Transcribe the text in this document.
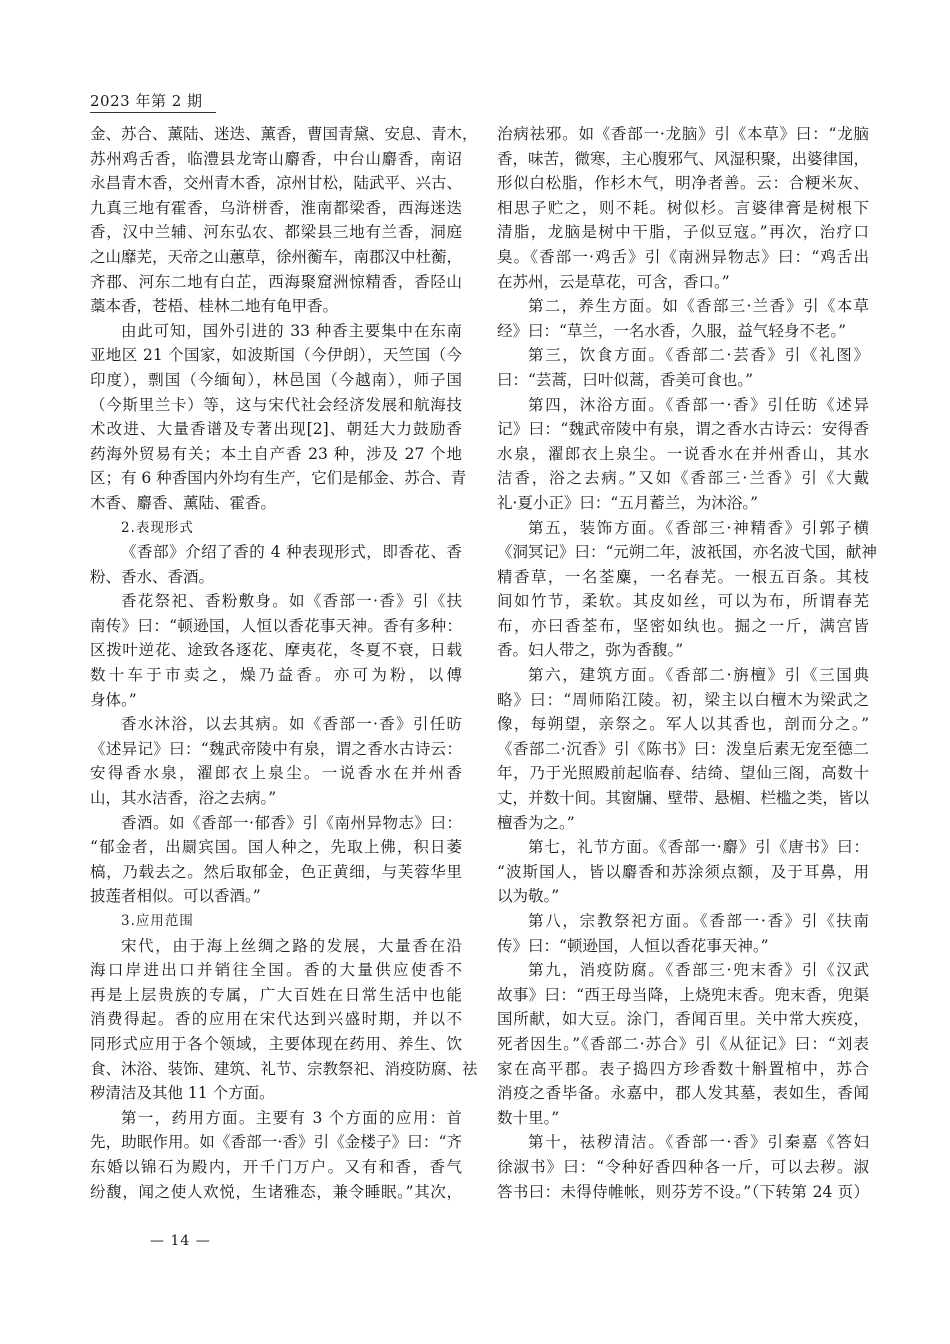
2023 年第 2 期
金、苏合、薰陆、迷迭、薰香，曹国青黛、安息、青木，
苏州鸡舌香，临澧县龙寄山麝香，中台山麝香，南诏
永昌青木香，交州青木香，凉州甘松，陆武平、兴古、
九真三地有霍香，乌浒栟香，淮南都梁香，西海迷迭
香，汉中兰辅、河东弘农、都梁县三地有兰香，洞庭
之山靡芜，天帝之山蕙草，徐州蘅车，南郡汉中杜蘅，
齐郡、河东二地有白芷，西海聚窟洲惊精香，香陉山
藁本香，苍梧、桂林二地有龟甲香。
由此可知，国外引进的 33 种香主要集中在东南
亚地区 21 个国家，如波斯国（今伊朗），天竺国（今
印度），剽国（今缅甸），林邑国（今越南），师子国
（今斯里兰卡）等，这与宋代社会经济发展和航海技
术改进、大量香谱及专著出现[2]、朝廷大力鼓励香
药海外贸易有关；本土自产香 23 种，涉及 27 个地
区；有 6 种香国内外均有生产，它们是郁金、苏合、青
木香、麝香、薰陆、霍香。
2.表现形式
《香部》介绍了香的 4 种表现形式，即香花、香
粉、香水、香酒。
香花祭祀、香粉敷身。如《香部一·香》引《扶
南传》曰：“顿逊国，人恒以香花事天神。香有多种：
区拨叶逆花、途致各逐花、摩夷花，冬夏不衰，日载
数十车于市卖之，燥乃益香。亦可为粉，以傅
身体。”
香水沐浴，以去其病。如《香部一·香》引任昉
《述异记》曰：“魏武帝陵中有泉，谓之香水古诗云：
安得香水泉，濯郎衣上泉尘。一说香水在并州香
山，其水洁香，浴之去病。”
香酒。如《香部一·郁香》引《南州异物志》曰：
“郁金者，出罽宾国。国人种之，先取上佛，积日萎
槁，乃载去之。然后取郁金，色正黄细，与芙蓉华里
披莲者相似。可以香酒。”
3.应用范围
宋代，由于海上丝绸之路的发展，大量香在沿
海口岸进出口并销往全国。香的大量供应使香不
再是上层贵族的专属，广大百姓在日常生活中也能
消费得起。香的应用在宋代达到兴盛时期，并以不
同形式应用于各个领域，主要体现在药用、养生、饮
食、沐浴、装饰、建筑、礼节、宗教祭祀、消疫防腐、祛
秽清洁及其他 11 个方面。
第一，药用方面。主要有 3 个方面的应用：首
先，助眠作用。如《香部一·香》引《金楼子》曰：“齐
东婚以锦石为殿内，开千门万户。又有和香，香气
纷馥，闻之使人欢悦，生诸雅态，兼令睡眠。”其次，
治病祛邪。如《香部一·龙脑》引《本草》曰：“龙脑
香，味苦，微寒，主心腹邪气、风湿积聚，出婆律国，
形似白松脂，作杉木气，明净者善。云：合粳米灰、
相思子贮之，则不耗。树似杉。言婆律膏是树根下
清脂，龙脑是树中干脂，子似豆寇。”再次，治疗口
臭。《香部一·鸡舌》引《南洲异物志》曰：“鸡舌出
在苏州，云是草花，可含，香口。”
第二，养生方面。如《香部三·兰香》引《本草
经》曰：“草兰，一名水香，久服，益气轻身不老。”
第三，饮食方面。《香部二·芸香》引《礼图》
曰：“芸蒿，曰叶似蒿，香美可食也。”
第四，沐浴方面。《香部一·香》引任昉《述异
记》曰：“魏武帝陵中有泉，谓之香水古诗云：安得香
水泉，濯郎衣上泉尘。一说香水在并州香山，其水
洁香，浴之去病。”又如《香部三·兰香》引《大戴
礼·夏小正》曰：“五月蓄兰，为沐浴。”
第五，装饰方面。《香部三·神精香》引郭子横
《洞冥记》曰：“元朔二年，波祇国，亦名波弋国，献神
精香草，一名荃麋，一名春芜。一根五百条。其枝
间如竹节，柔软。其皮如丝，可以为布，所谓春芜
布，亦曰香荃布，坚密如纨也。掘之一斤，满宫皆
香。妇人带之，弥为香馥。”
第六，建筑方面。《香部二·旃檀》引《三国典
略》曰：“周师陷江陵。初，梁主以白檀木为梁武之
像，每朔望，亲祭之。军人以其香也，剖而分之。”
《香部二·沉香》引《陈书》曰：泼皇后素无宠至德二
年，乃于光照殿前起临春、结绮、望仙三阁，高数十
丈，并数十间。其窗牖、壁带、悬楣、栏槛之类，皆以
檀香为之。”
第七，礼节方面。《香部一·麝》引《唐书》曰：
“波斯国人，皆以麝香和苏涂须点额，及于耳鼻，用
以为敬。”
第八，宗教祭祀方面。《香部一·香》引《扶南
传》曰：“顿逊国，人恒以香花事天神。”
第九，消疫防腐。《香部三·兜末香》引《汉武
故事》曰：“西王母当降，上烧兜末香。兜末香，兜渠
国所献，如大豆。涂门，香闻百里。关中常大疾疫，
死者因生。”《香部二·苏合》引《从征记》曰：“刘表
家在高平郡。表子捣四方珍香数十斛置棺中，苏合
消疫之香毕备。永嘉中，郡人发其墓，表如生，香闻
数十里。”
第十，祛秽清洁。《香部一·香》引秦嘉《答妇
徐淑书》曰：“令种好香四种各一斤，可以去秽。淑
答书曰：未得侍帷帐，则芬芳不设。”（下转第 24 页）
— 14 —
